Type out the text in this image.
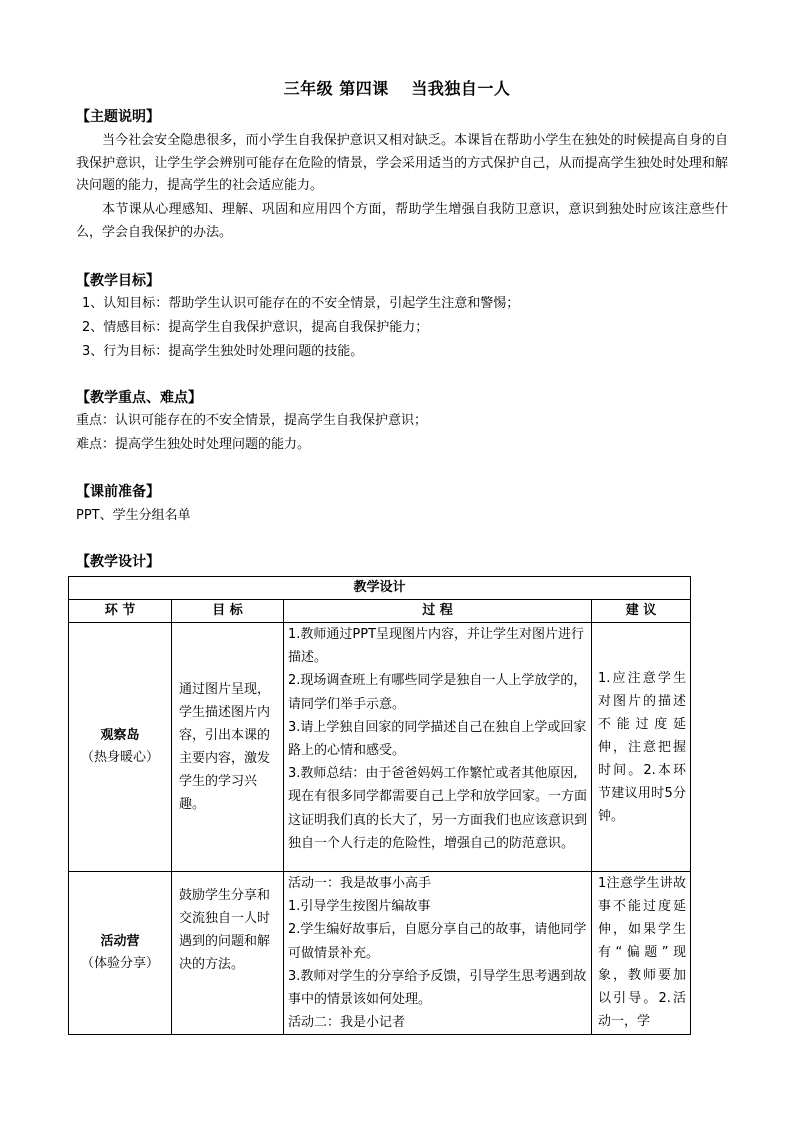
三年级 第四课　 当我独自一人
【主题说明】

当今社会安全隐患很多，而小学生自我保护意识又相对缺乏。本课旨在帮助小学生在独处的时候提高自身的自我保护意识，让学生学会辨别可能存在危险的情景，学会采用适当的方式保护自己，从而提高学生独处时处理和解决问题的能力，提高学生的社会适应能力。

本节课从心理感知、理解、巩固和应用四个方面，帮助学生增强自我防卫意识，意识到独处时应该注意些什么，学会自我保护的办法。

【教学目标】
1、认知目标：帮助学生认识可能存在的不安全情景，引起学生注意和警惕；
2、情感目标：提高学生自我保护意识，提高自我保护能力；
3、行为目标：提高学生独处时处理问题的技能。
【教学重点、难点】
重点：认识可能存在的不安全情景，提高学生自我保护意识；
难点：提高学生独处时处理问题的能力。
【课前准备】
PPT、学生分组名单
【教学设计】
教学设计			
环 节	目 标	过 程	建 议

观察岛
（热身暖心）	通过图片呈现，学生描述图片内容，引出本课的主要内容，激发学生的学习兴趣。	1.教师通过PPT呈现图片内容，并让学生对图片进行描述。
2.现场调查班上有哪些同学是独自一人上学放学的，请同学们举手示意。
3.请上学独自回家的同学描述自己在独自上学或回家路上的心情和感受。
3.教师总结：由于爸爸妈妈工作繁忙或者其他原因,现在有很多同学都需要自己上学和放学回家。一方面这证明我们真的长大了，另一方面我们也应该意识到独自一个人行走的危险性，增强自己的防范意识。	1.应注意学生对图片的描述不能过度延伸，注意把握时间。2.本环节建议用时5分钟。

活动营
（体验分享）	鼓励学生分享和交流独自一人时遇到的问题和解决的方法。	活动一：我是故事小高手
1.引导学生按图片编故事
2.学生编好故事后，自愿分享自己的故事，请他同学可做情景补充。
3.教师对学生的分享给予反馈，引导学生思考遇到故事中的情景该如何处理。
活动二：我是小记者	1注意学生讲故事不能过度延伸，如果学生有“偏题”现象，教师要加以引导。2.活动一，学
